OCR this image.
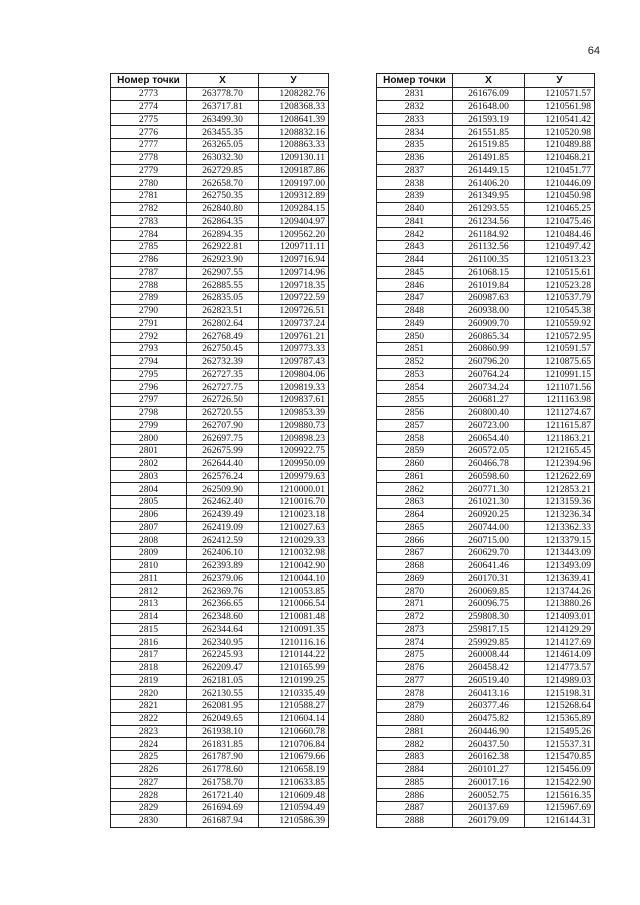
64
Номер точки	X	У
2773	263778.70	1208282.76
2774	263717.81	1208368.33
2775	263499.30	1208641.39
2776	263455.35	1208832.16
2777	263265.05	1208863.33
2778	263032.30	1209130.11
2779	262729.85	1209187.86
2780	262658.70	1209197.00
2781	262750.35	1209312.89
2782	262840.80	1209284.15
2783	262864.35	1209404.97
2784	262894.35	1209562.20
2785	262922.81	1209711.11
2786	262923.90	1209716.94
2787	262907.55	1209714.96
2788	262885.55	1209718.35
2789	262835.05	1209722.59
2790	262823.51	1209726.51
2791	262802.64	1209737.24
2792	262768.49	1209761.21
2793	262750.45	1209773.33
2794	262732.39	1209787.43
2795	262727.35	1209804.06
2796	262727.75	1209819.33
2797	262726.50	1209837.61
2798	262720.55	1209853.39
2799	262707.90	1209880.73
2800	262697.75	1209898.23
2801	262675.99	1209922.75
2802	262644.40	1209950.09
2803	262576.24	1209979.63
2804	262509.90	1210000.01
2805	262462.40	1210016.70
2806	262439.49	1210023.18
2807	262419.09	1210027.63
2808	262412.59	1210029.33
2809	262406.10	1210032.98
2810	262393.89	1210042.90
2811	262379.06	1210044.10
2812	262369.76	1210053.85
2813	262366.65	1210066.54
2814	262348.60	1210081.48
2815	262344.64	1210091.35
2816	262340.95	1210116.16
2817	262245.93	1210144.22
2818	262209.47	1210165.99
2819	262181.05	1210199.25
2820	262130.55	1210335.49
2821	262081.95	1210588.27
2822	262049.65	1210604.14
2823	261938.10	1210660.78
2824	261831.85	1210706.84
2825	261787.90	1210679.66
2826	261778.60	1210658.19
2827	261758.70	1210633.85
2828	261721.40	1210609.48
2829	261694.69	1210594.49
2830	261687.94	1210586.39
Номер точки	X	У
2831	261676.09	1210571.57
2832	261648.00	1210561.98
2833	261593.19	1210541.42
2834	261551.85	1210520.98
2835	261519.85	1210489.88
2836	261491.85	1210468.21
2837	261449.15	1210451.77
2838	261406.20	1210446.09
2839	261349.95	1210450.98
2840	261293.55	1210465.25
2841	261234.56	1210475.46
2842	261184.92	1210484.46
2843	261132.56	1210497.42
2844	261100.35	1210513.23
2845	261068.15	1210515.61
2846	261019.84	1210523.28
2847	260987.63	1210537.79
2848	260938.00	1210545.38
2849	260909.70	1210559.92
2850	260865.34	1210572.95
2851	260860.99	1210591.57
2852	260796.20	1210875.65
2853	260764.24	1210991.15
2854	260734.24	1211071.56
2855	260681.27	1211163.98
2856	260800.40	1211274.67
2857	260723.00	1211615.87
2858	260654.40	1211863.21
2859	260572.05	1212165.45
2860	260466.78	1212394.96
2861	260598.60	1212622.69
2862	260771.30	1212853.21
2863	261021.30	1213159.36
2864	260920.25	1213236.34
2865	260744.00	1213362.33
2866	260715.00	1213379.15
2867	260629.70	1213443.09
2868	260641.46	1213493.09
2869	260170.31	1213639.41
2870	260069.85	1213744.26
2871	260096.75	1213880.26
2872	259808.30	1214093.01
2873	259817.15	1214129.29
2874	259929.85	1214127.69
2875	260008.44	1214614.09
2876	260458.42	1214773.57
2877	260519.40	1214989.03
2878	260413.16	1215198.31
2879	260377.46	1215268.64
2880	260475.82	1215365.89
2881	260446.90	1215495.26
2882	260437.50	1215537.31
2883	260162.38	1215470.85
2884	260101.27	1215456.09
2885	260017.16	1215422.90
2886	260052.75	1215616.35
2887	260137.69	1215967.69
2888	260179.09	1216144.31
